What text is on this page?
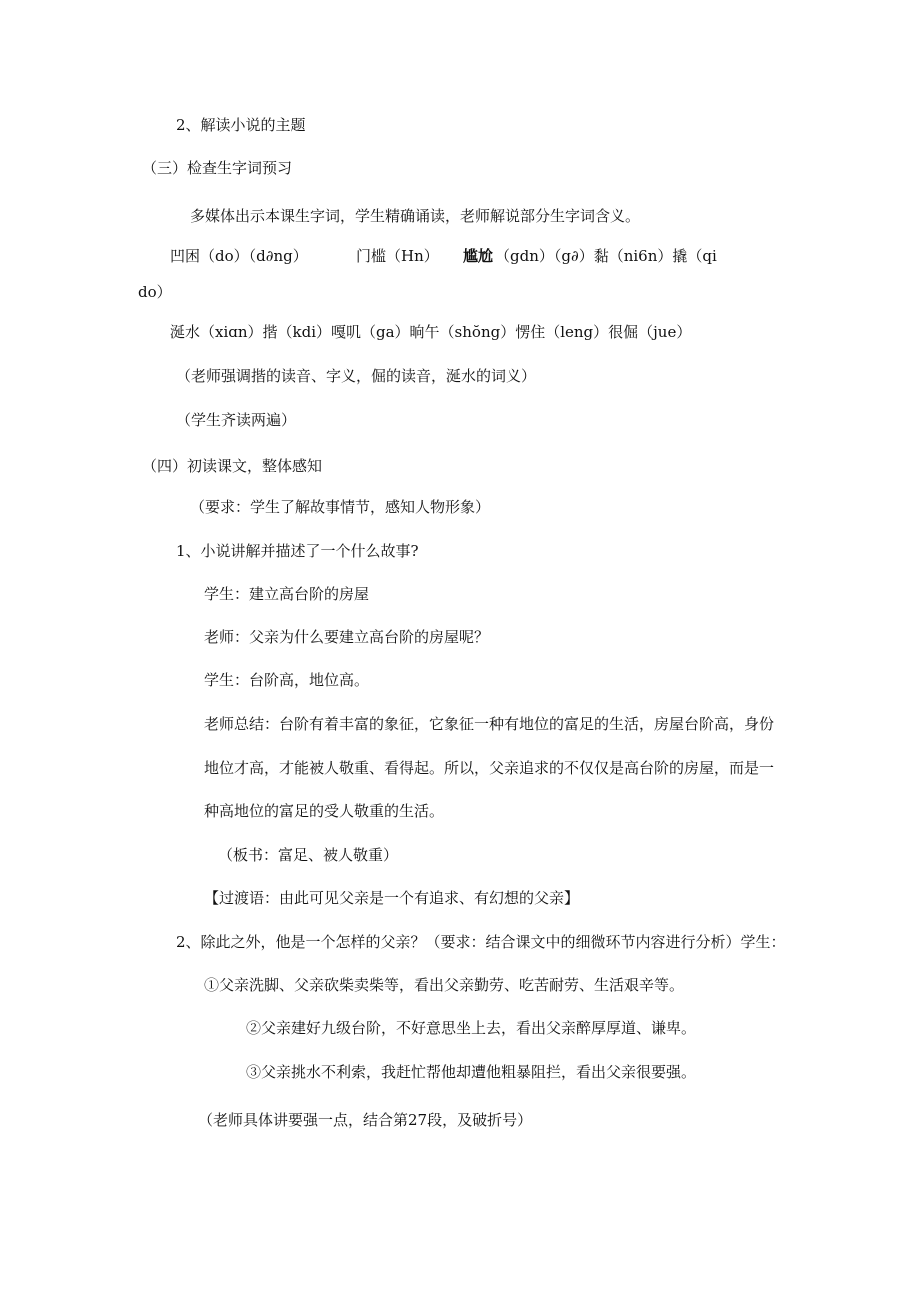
2、解读小说的主题
（三）检查生字词预习
多媒体出示本课生字词，学生精确诵读，老师解说部分生字词含义。
凹困（do）（d∂ng）	门槛（Hn） 尴尬 （gdn）（g∂）黏（ni6n）撬（qi
do）
涎水（xiɑn）揩（kdi）嘎叽（ga）晌午（shŏng）愣住（leng）很倔（jue）
（老师强调揩的读音、字义，倔的读音，涎水的词义）
（学生齐读两遍）
（四）初读课文，整体感知
（要求：学生了解故事情节，感知人物形象）
1、小说讲解并描述了一个什么故事?
学生：建立高台阶的房屋
老师：父亲为什么要建立高台阶的房屋呢？
学生：台阶高，地位高。
老师总结：台阶有着丰富的象征，它象征一种有地位的富足的生活，房屋台阶高，身份
地位才高，才能被人敬重、看得起。所以，父亲追求的不仅仅是高台阶的房屋，而是一
种高地位的富足的受人敬重的生活。
（板书：富足、被人敬重）
【过渡语：由此可见父亲是一个有追求、有幻想的父亲】
2、除此之外，他是一个怎样的父亲？（要求：结合课文中的细微环节内容进行分析）学生：
①父亲洗脚、父亲砍柴卖柴等，看出父亲勤劳、吃苦耐劳、生活艰辛等。
②父亲建好九级台阶，不好意思坐上去，看出父亲醉厚厚道、谦卑。
③父亲挑水不利索，我赶忙帮他却遭他粗暴阻拦，看出父亲很要强。
（老师具体讲要强一点，结合第27段，及破折号）
